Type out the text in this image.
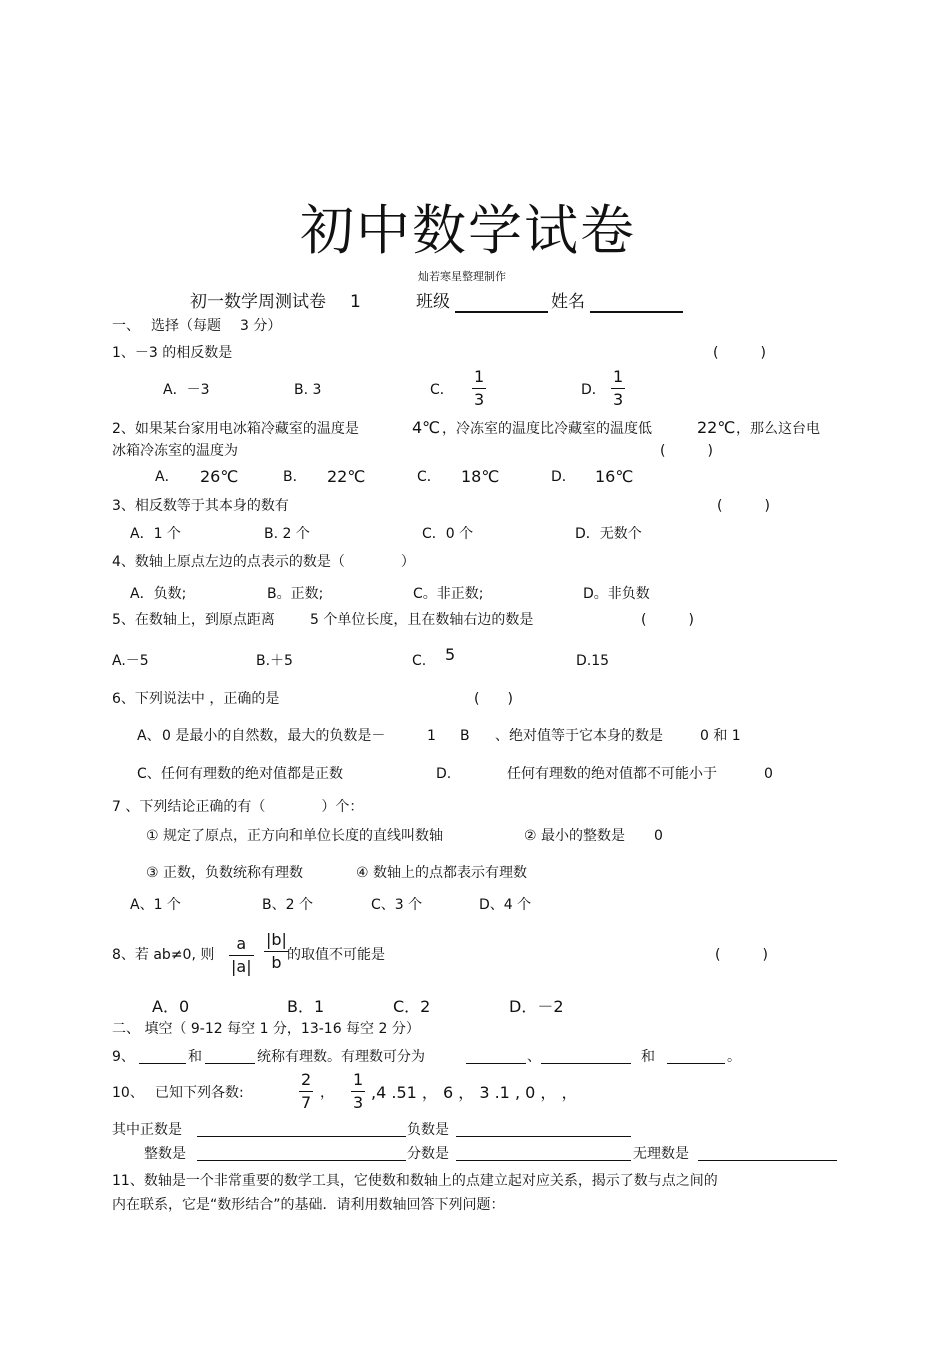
初中数学试卷
灿若寒星整理制作
初一数学周测试卷 1	班级	姓名
一、 选择（每题 3 分）
1、－3 的相反数是	(　　　)
A．－3	B. 3	C．
1
3	D．
1
3
2、如果某台家用电冰箱冷藏室的温度是	4℃ ，冷冻室的温度比冷藏室的温度低	22℃ ，那么这台电
冰箱冷冻室的温度为	(　　　)
A． 26℃	B． 22℃	C． 18℃	D． 16℃
3、相反数等于其本身的数有	(　　　)
A．1 个	B. 2 个	C．0 个	D．无数个
4、数轴上原点左边的点表示的数是（　　　　）
A．负数;	B。正数;	C。非正数;	D。非负数
5、在数轴上，到原点距离	5 个单位长度，且在数轴右边的数是	(　　　)
A.－5	B.＋5	C. 5	D.15
6、下列说法中 ，正确的是	(　　)
A、 0 是最小的自然数，最大的负数是－	1 B 、绝对值等于它本身的数是	0 和 1
C、 任何有理数的绝对值都是正数	D.	任何有理数的绝对值都不可能小于	0
7 、下列结论正确的有（　　　　）个：
① 规定了原点，正方向和单位长度的直线叫数轴	② 最小的整数是 0
③ 正数，负数统称有理数	④ 数轴上的点都表示有理数
A、1 个	B、2 个	C、3 个	D、4 个
8、若 ab≠0, 则
a
|a|
|b|
b 的取值不可能是	(　　　)
A．0	B．1	C．2	D．－2
二、 填空（ 9-12 每空 1 分，13-16 每空 2 分）
9、	和	统称有理数。有理数可分为	、	和	。
10、 已知下列各数:
2
7 ，
1
3
,4 .51 ， 6 ， 3 .1 , 0 ， ，
其中正数是	负数是
整数是	分数是	无理数是
11、数轴是一个非常重要的数学工具，它使数和数轴上的点建立起对应关系，揭示了数与点之间的
内在联系，它是“数形结合”的基础．请利用数轴回答下列问题：
